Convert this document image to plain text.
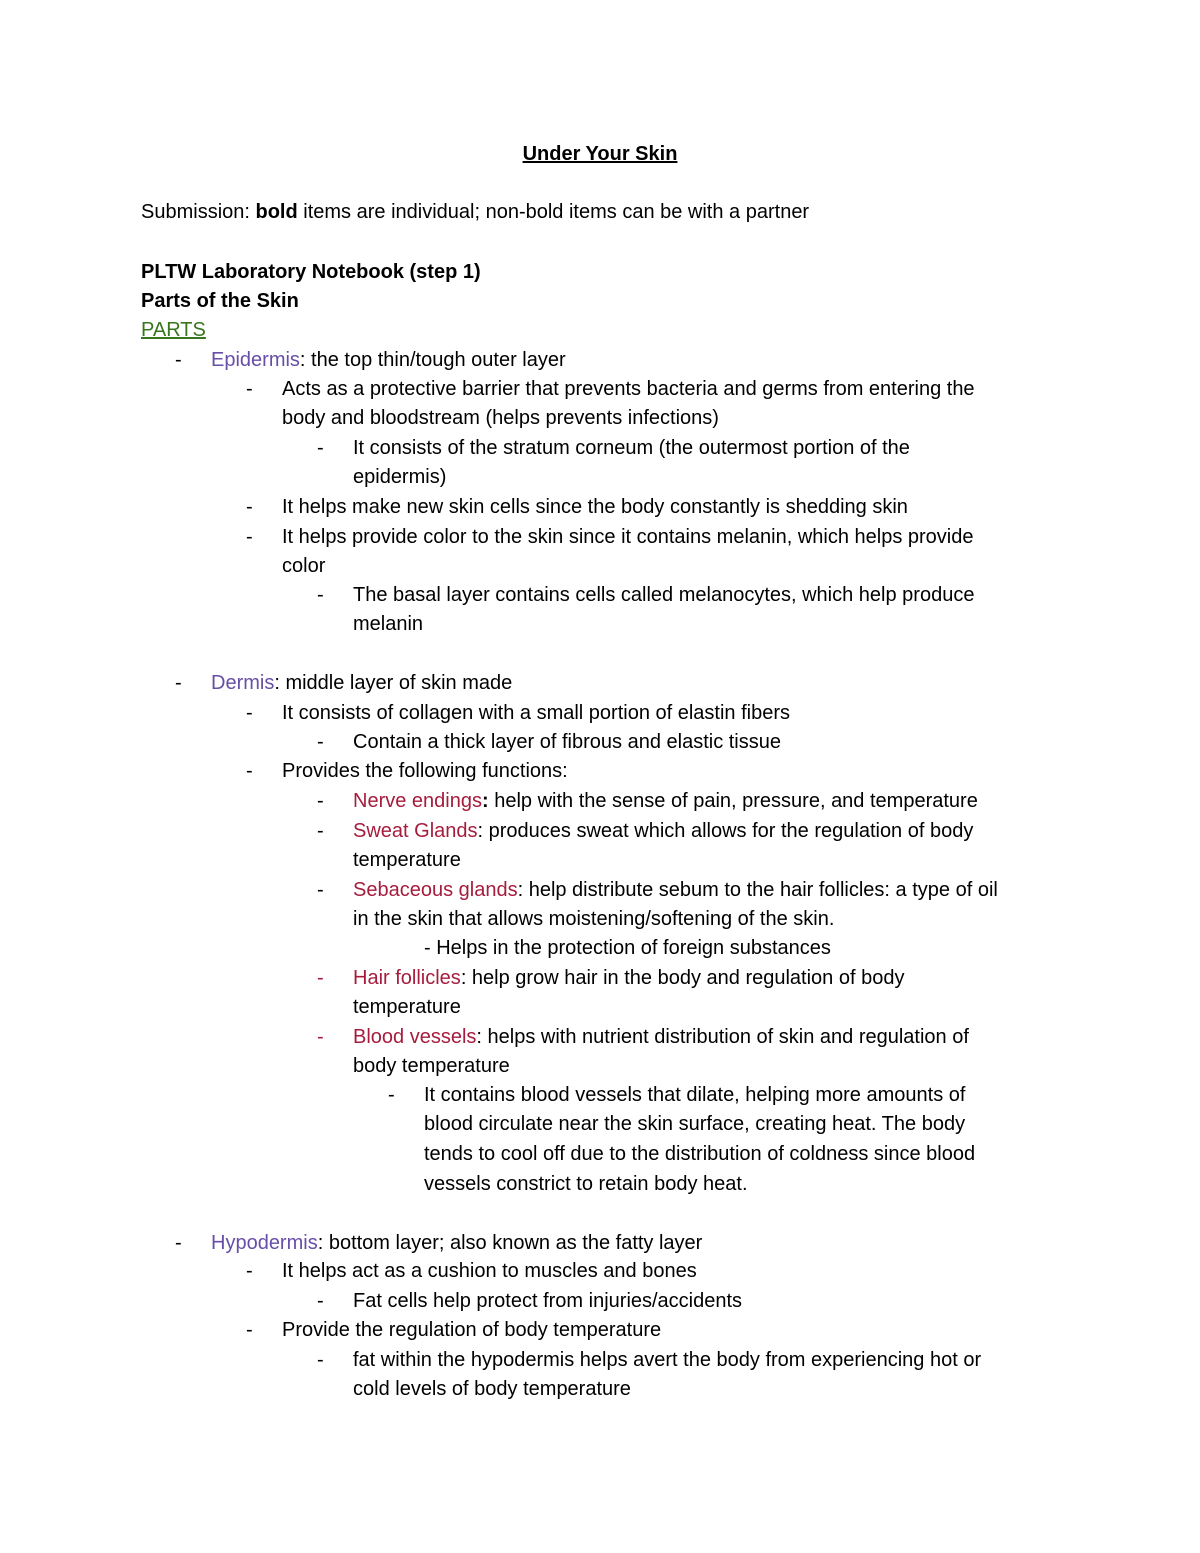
Under Your Skin
Submission: bold items are individual; non-bold items can be with a partner
PLTW Laboratory Notebook (step 1)
Parts of the Skin
PARTS
- Epidermis: the top thin/tough outer layer
- Acts as a protective barrier that prevents bacteria and germs from entering the
body and bloodstream (helps prevents infections)
- It consists of the stratum corneum (the outermost portion of the
epidermis)
- It helps make new skin cells since the body constantly is shedding skin
- It helps provide color to the skin since it contains melanin, which helps provide
color
- The basal layer contains cells called melanocytes, which help produce
melanin
- Dermis: middle layer of skin made
- It consists of collagen with a small portion of elastin fibers
- Contain a thick layer of fibrous and elastic tissue
- Provides the following functions:
- Nerve endings: help with the sense of pain, pressure, and temperature
- Sweat Glands: produces sweat which allows for the regulation of body
temperature
- Sebaceous glands: help distribute sebum to the hair follicles: a type of oil
in the skin that allows moistening/softening of the skin.
- Helps in the protection of foreign substances
- Hair follicles: help grow hair in the body and regulation of body
temperature
- Blood vessels: helps with nutrient distribution of skin and regulation of
body temperature
- It contains blood vessels that dilate, helping more amounts of
blood circulate near the skin surface, creating heat. The body
tends to cool off due to the distribution of coldness since blood
vessels constrict to retain body heat.
- Hypodermis: bottom layer; also known as the fatty layer
- It helps act as a cushion to muscles and bones
- Fat cells help protect from injuries/accidents
- Provide the regulation of body temperature
- fat within the hypodermis helps avert the body from experiencing hot or
cold levels of body temperature
